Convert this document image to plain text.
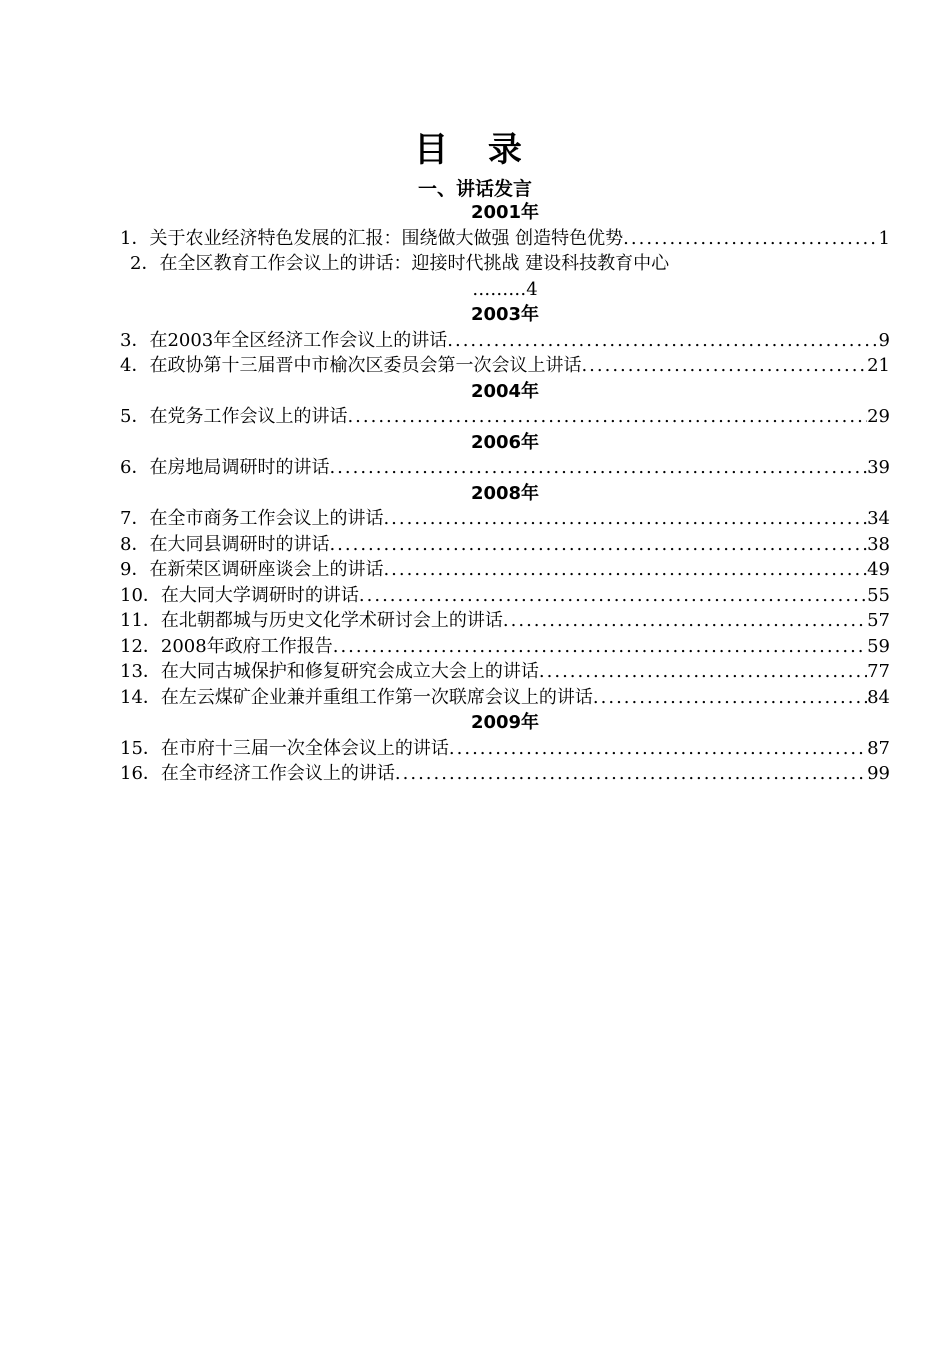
目 录
一、讲话发言
2001年
1．关于农业经济特色发展的汇报：围绕做大做强 创造特色优势 .....	1
2．在全区教育工作会议上的讲话：迎接时代挑战 建设科技教育中心
………4
2003年
3．在2003年全区经济工作会议上的讲话 .....	9
4．在政协第十三届晋中市榆次区委员会第一次会议上讲话 .....	21
2004年
5．在党务工作会议上的讲话 .....	29
2006年
6．在房地局调研时的讲话 .....	39
2008年
7．在全市商务工作会议上的讲话 .....	34
8．在大同县调研时的讲话 .....	38
9．在新荣区调研座谈会上的讲话 .....	49
10．在大同大学调研时的讲话 .....	55
11．在北朝都城与历史文化学术研讨会上的讲话 .....	57
12．2008年政府工作报告 .....	59
13．在大同古城保护和修复研究会成立大会上的讲话 .....	77
14．在左云煤矿企业兼并重组工作第一次联席会议上的讲话 .....	84
2009年
15．在市府十三届一次全体会议上的讲话 .....	87
16．在全市经济工作会议上的讲话 .....	99
